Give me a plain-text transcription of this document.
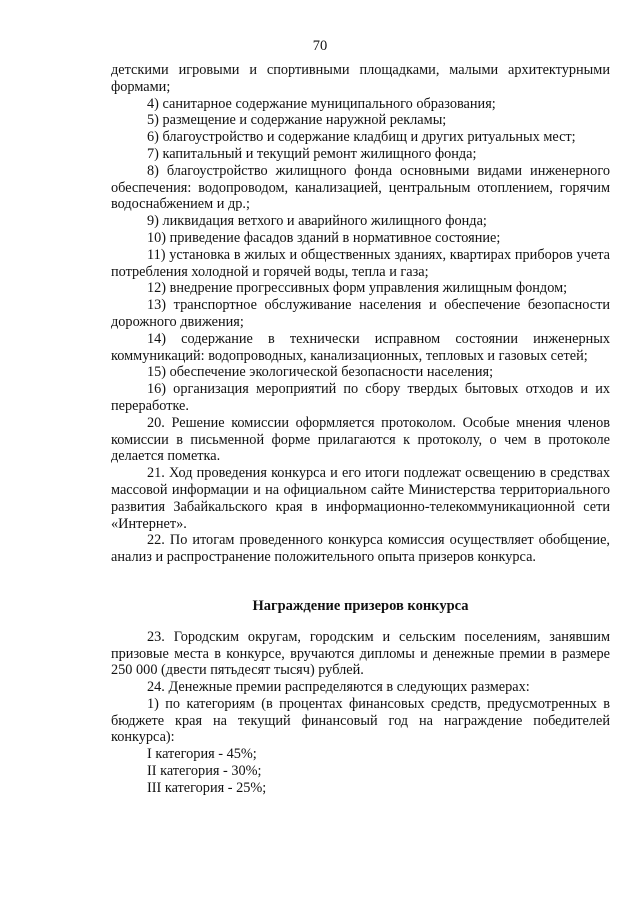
70

детскими игровыми и спортивными площадками, малыми архитектурными формами;

4) санитарное содержание муниципального образования;

5) размещение и содержание наружной рекламы;

6) благоустройство и содержание кладбищ и других ритуальных мест;

7) капитальный и текущий ремонт жилищного фонда;

8) благоустройство жилищного фонда основными видами инженерного обеспечения: водопроводом, канализацией, центральным отоплением, горячим водоснабжением и др.;

9) ликвидация ветхого и аварийного жилищного фонда;

10) приведение фасадов зданий в нормативное состояние;

11) установка в жилых и общественных зданиях, квартирах приборов учета потребления холодной и горячей воды, тепла и газа;

12) внедрение прогрессивных форм управления жилищным фондом;

13) транспортное обслуживание населения и обеспечение безопасности дорожного движения;

14) содержание в технически исправном состоянии инженерных коммуникаций: водопроводных, канализационных, тепловых и газовых сетей;

15) обеспечение экологической безопасности населения;

16) организация мероприятий по сбору твердых бытовых отходов и их переработке.

20. Решение комиссии оформляется протоколом. Особые мнения членов комиссии в письменной форме прилагаются к протоколу, о чем в протоколе делается пометка.

21. Ход проведения конкурса и его итоги подлежат освещению в средствах массовой информации и на официальном сайте Министерства территориального развития Забайкальского края в информационно-телекоммуникационной сети «Интернет».

22. По итогам проведенного конкурса комиссия осуществляет обобщение, анализ и распространение положительного опыта призеров конкурса.

Награждение призеров конкурса

23. Городским округам, городским и сельским поселениям, занявшим призовые места в конкурсе, вручаются дипломы и денежные премии в размере 250 000 (двести пятьдесят тысяч) рублей.

24. Денежные премии распределяются в следующих размерах:

1) по категориям (в процентах финансовых средств, предусмотренных в бюджете края на текущий финансовый год на награждение победителей конкурса):

I категория - 45%;

II категория - 30%;

III категория - 25%;
